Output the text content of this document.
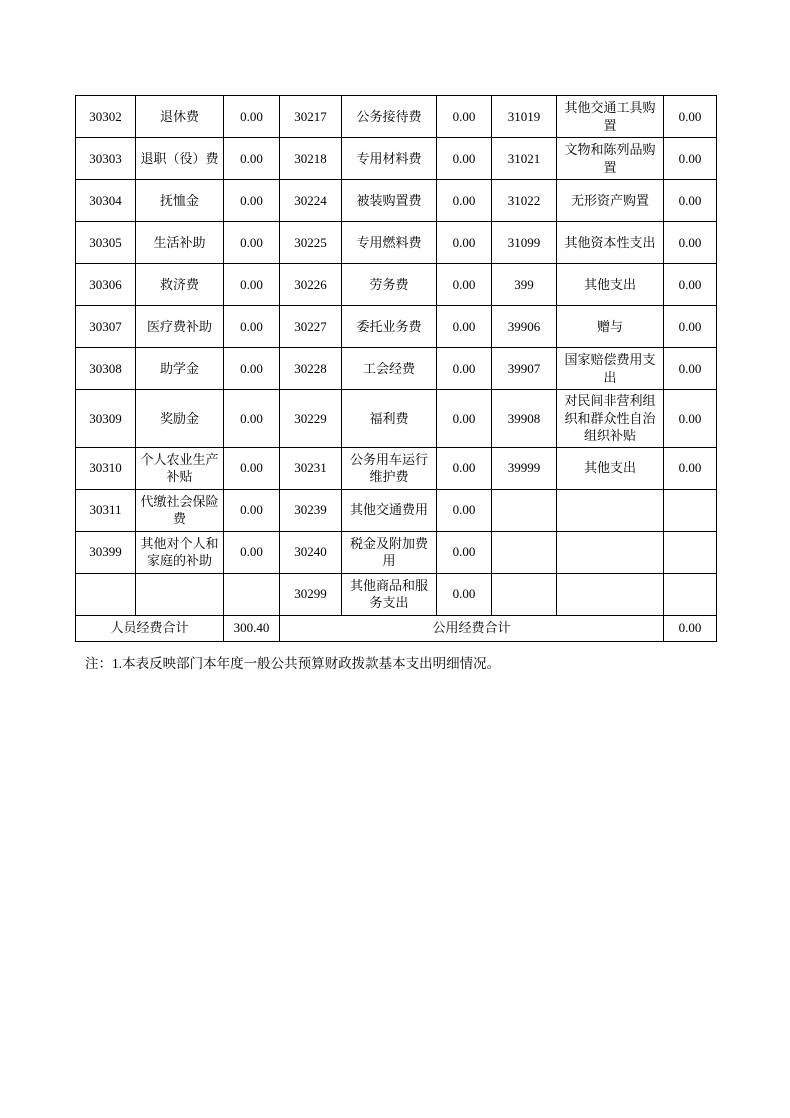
30302	退休费	0.00	30217	公务接待费	0.00	31019	其他交通工具购置	0.00
30303	退职（役）费	0.00	30218	专用材料费	0.00	31021	文物和陈列品购置	0.00
30304	抚恤金	0.00	30224	被装购置费	0.00	31022	无形资产购置	0.00
30305	生活补助	0.00	30225	专用燃料费	0.00	31099	其他资本性支出	0.00
30306	救济费	0.00	30226	劳务费	0.00	399	其他支出	0.00
30307	医疗费补助	0.00	30227	委托业务费	0.00	39906	赠与	0.00
30308	助学金	0.00	30228	工会经费	0.00	39907	国家赔偿费用支出	0.00
30309	奖励金	0.00	30229	福利费	0.00	39908	对民间非营利组织和群众性自治组织补贴	0.00
30310	个人农业生产补贴	0.00	30231	公务用车运行维护费	0.00	39999	其他支出	0.00
30311	代缴社会保险费	0.00	30239	其他交通费用	0.00			
30399	其他对个人和家庭的补助	0.00	30240	税金及附加费用	0.00			
			30299	其他商品和服务支出	0.00			
人员经费合计		300.40	公用经费合计					0.00
注：1.本表反映部门本年度一般公共预算财政拨款基本支出明细情况。
